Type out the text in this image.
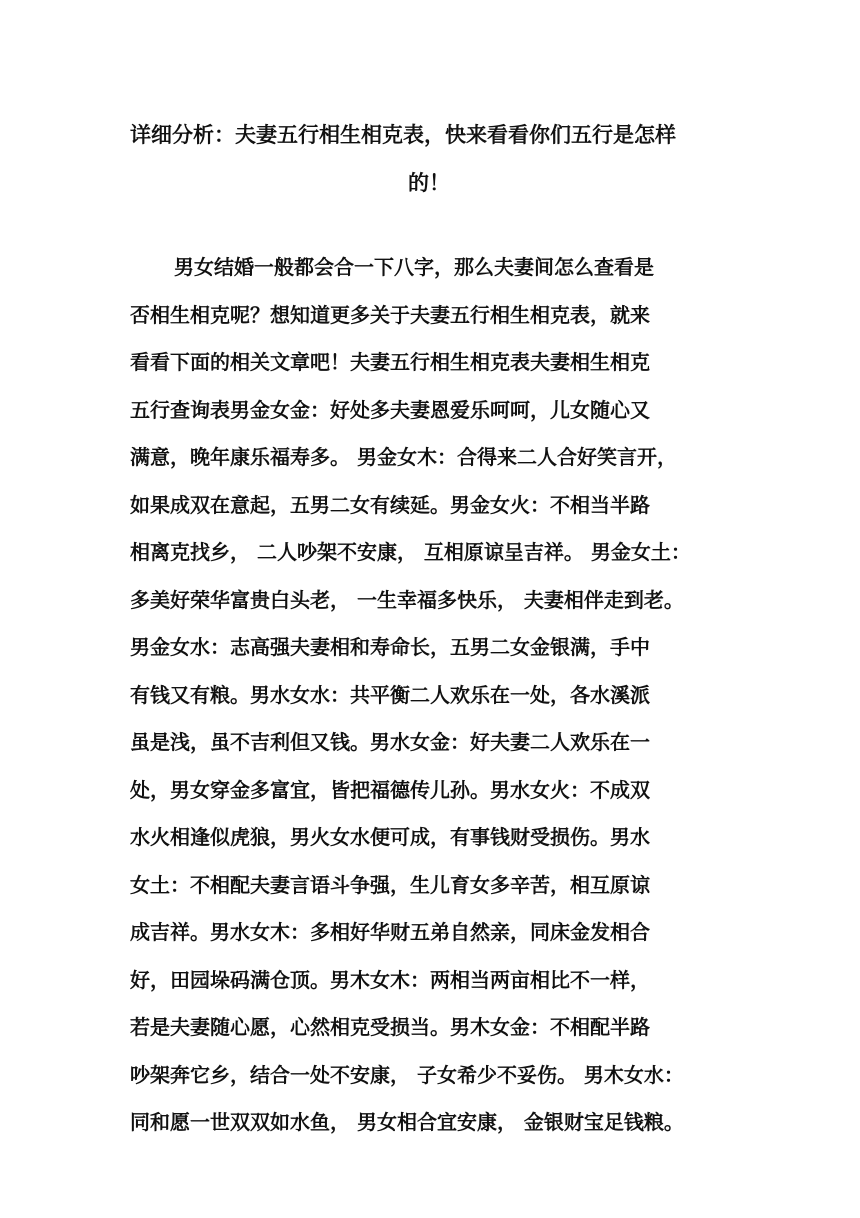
详细分析：夫妻五行相生相克表，快来看看你们五行是怎样
的！
男女结婚一般都会合一下八字，那么夫妻间怎么查看是
否相生相克呢？想知道更多关于夫妻五行相生相克表，就来
看看下面的相关文章吧！夫妻五行相生相克表夫妻相生相克
五行查询表男金女金：好处多夫妻恩爱乐呵呵，儿女随心又
满意，晚年康乐福寿多。 男金女木：合得来二人合好笑言开，
如果成双在意起，五男二女有续延。男金女火：不相当半路
相离克找乡， 二人吵架不安康， 互相原谅呈吉祥。 男金女土：
多美好荣华富贵白头老， 一生幸福多快乐， 夫妻相伴走到老。
男金女水：志高强夫妻相和寿命长，五男二女金银满，手中
有钱又有粮。男水女水：共平衡二人欢乐在一处，各水溪派
虽是浅，虽不吉利但又钱。男水女金：好夫妻二人欢乐在一
处，男女穿金多富宜，皆把福德传儿孙。男水女火：不成双
水火相逢似虎狼，男火女水便可成，有事钱财受损伤。男水
女土：不相配夫妻言语斗争强，生儿育女多辛苦，相互原谅
成吉祥。男水女木：多相好华财五弟自然亲，同床金发相合
好，田园垛码满仓顶。男木女木：两相当两亩相比不一样，
若是夫妻随心愿，心然相克受损当。男木女金：不相配半路
吵架奔它乡，结合一处不安康， 子女希少不妥伤。 男木女水：
同和愿一世双双如水鱼， 男女相合宜安康， 金银财宝足钱粮。
